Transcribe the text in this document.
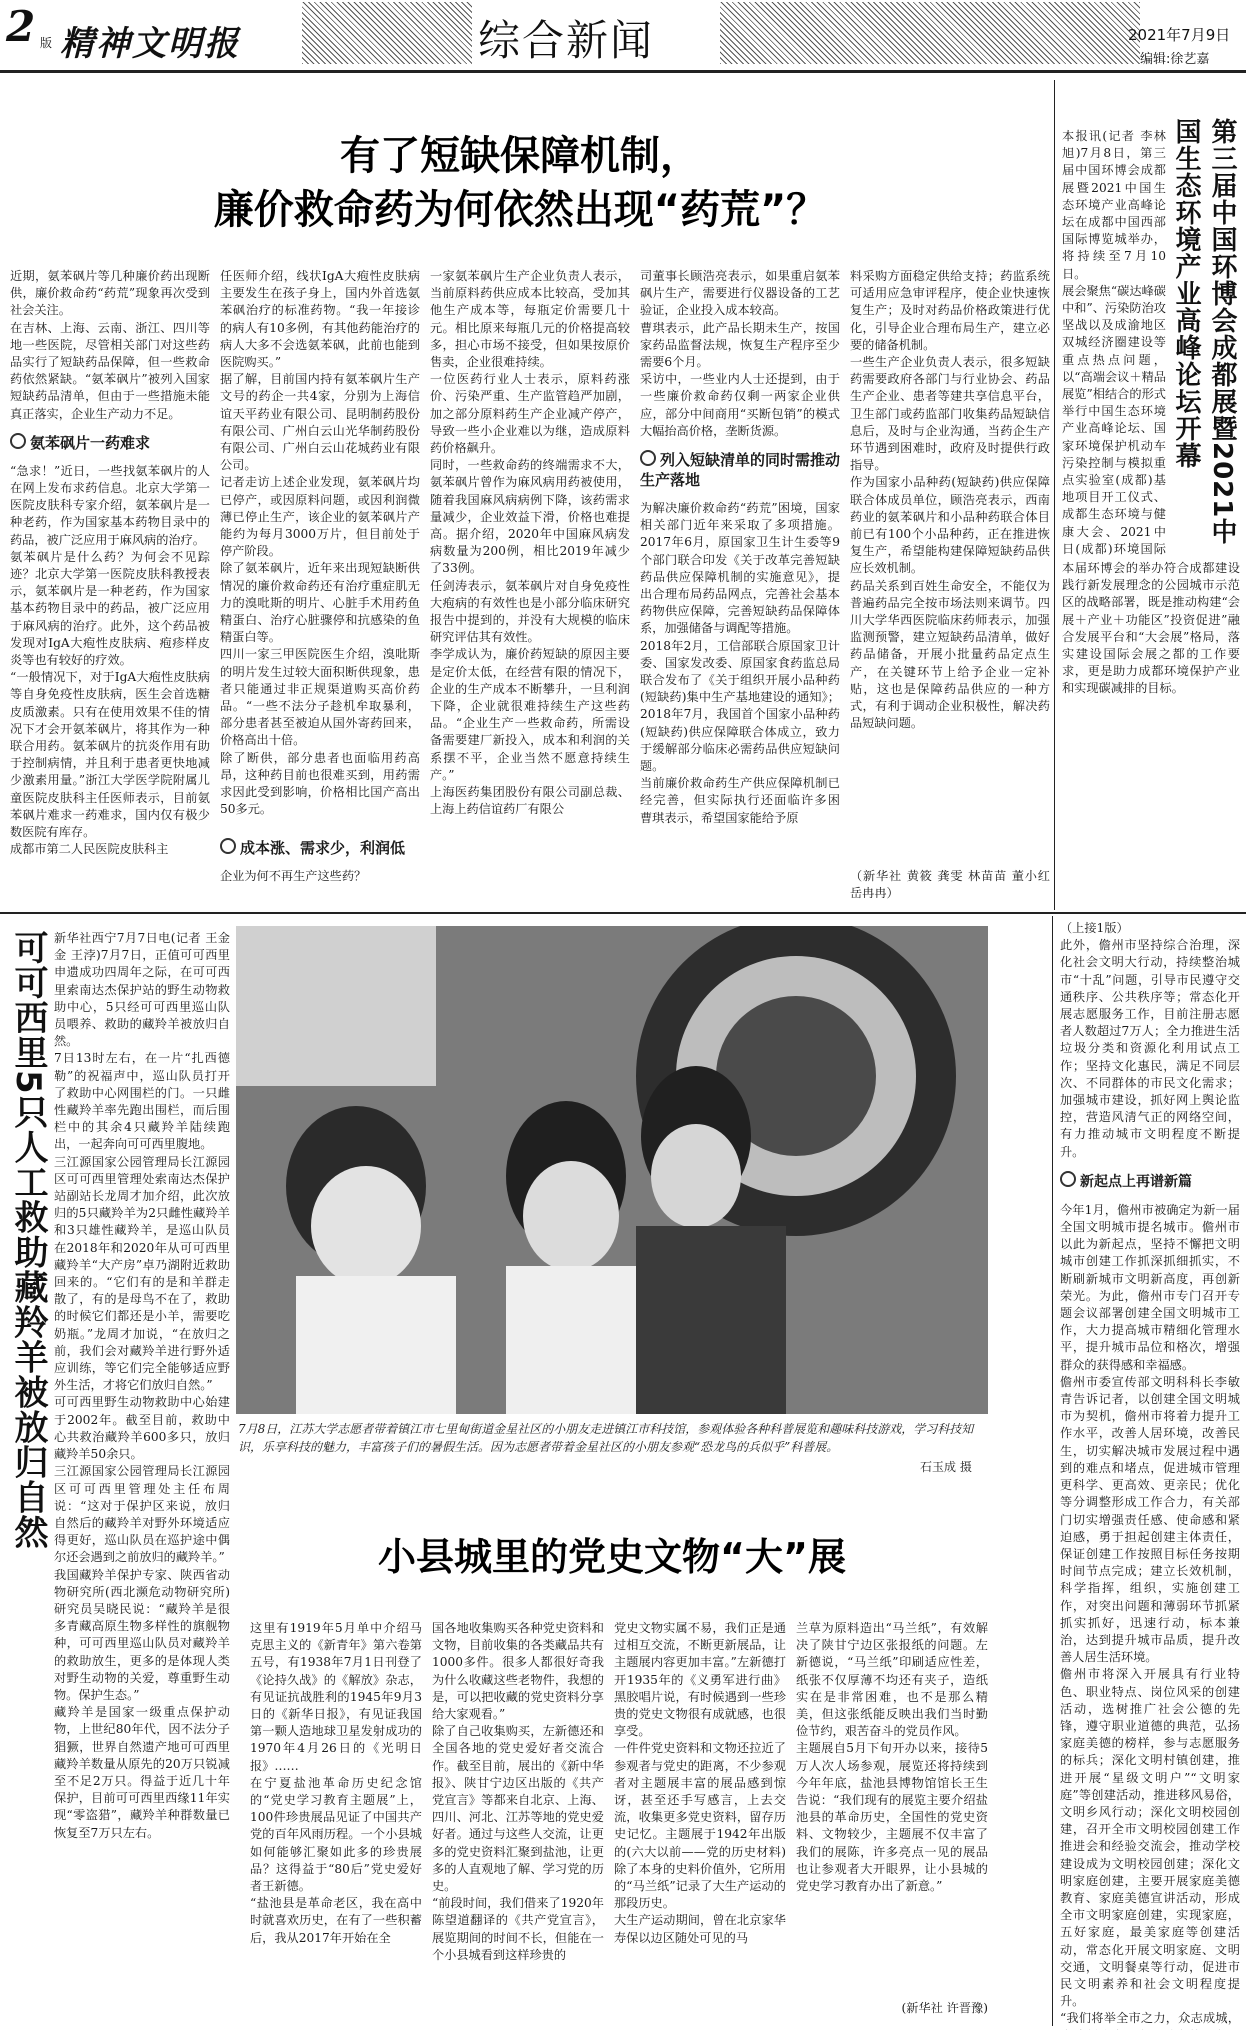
2 版 精神文明报	综合新闻	2021年7月9日
编辑:徐艺嘉
有了短缺保障机制，
廉价救命药为何依然出现“药荒”？
近期，氨苯砜片等几种廉价药出现断供，廉价救命药“药荒”现象再次受到社会关注。
在吉林、上海、云南、浙江、四川等地一些医院，尽管相关部门对这些药品实行了短缺药品保障，但一些救命药依然紧缺。“氨苯砜片”被列入国家短缺药品清单，但由于一些措施未能真正落实，企业生产动力不足。
氨苯砜片一药难求
“急求！”近日，一些找氨苯砜片的人在网上发布求药信息。北京大学第一医院皮肤科专家介绍，氨苯砜片是一种老药，作为国家基本药物目录中的药品，被广泛应用于麻风病的治疗。
氨苯砜片是什么药？为何会不见踪迹？北京大学第一医院皮肤科教授表示，氨苯砜片是一种老药，作为国家基本药物目录中的药品，被广泛应用于麻风病的治疗。此外，这个药品被发现对IgA大疱性皮肤病、疱疹样皮炎等也有较好的疗效。
“一般情况下，对于IgA大疱性皮肤病等自身免疫性皮肤病，医生会首选糖皮质激素。只有在使用效果不佳的情况下才会开氨苯砜片，将其作为一种联合用药。氨苯砜片的抗炎作用有助于控制病情，并且利于患者更快地减少激素用量。”浙江大学医学院附属儿童医院皮肤科主任医师表示，目前氨苯砜片难求一药难求，国内仅有极少数医院有库存。
成都市第二人民医院皮肤科主
任医师介绍，线状IgA大疱性皮肤病主要发生在孩子身上，国内外首选氨苯砜治疗的标准药物。“我一年接诊的病人有10多例，有其他药能治疗的病人大多不会选氨苯砜，此前也能到医院购买。”
据了解，目前国内持有氨苯砜片生产文号的药企一共4家，分别为上海信谊天平药业有限公司、昆明制药股份有限公司、广州白云山光华制药股份有限公司、广州白云山花城药业有限公司。
记者走访上述企业发现，氨苯砜片均已停产，或因原料问题，或因利润微薄已停止生产，该企业的氨苯砜片产能约为每月3000万片，但目前处于停产阶段。
除了氨苯砜片，近年来出现短缺断供情况的廉价救命药还有治疗重症肌无力的溴吡斯的明片、心脏手术用药鱼精蛋白、治疗心脏骤停和抗感染的鱼精蛋白等。
四川一家三甲医院医生介绍，溴吡斯的明片发生过较大面积断供现象，患者只能通过非正规渠道购买高价药品。“一些不法分子趁机牟取暴利，部分患者甚至被迫从国外寄药回来，价格高出十倍。
除了断供，部分患者也面临用药高昂，这种药目前也很难买到，用药需求因此受到影响，价格相比国产高出50多元。
成本涨、需求少，利润低
企业为何不再生产这些药？
一家氨苯砜片生产企业负责人表示，当前原料药供应成本比较高，受加其他生产成本等，每瓶定价需要几十元。相比原来每瓶几元的价格提高较多，担心市场不接受，但如果按原价售卖，企业很难持续。
一位医药行业人士表示，原料药涨价、污染严重、生产监管趋严加剧，加之部分原料药生产企业减产停产，导致一些小企业难以为继，造成原料药价格飙升。
同时，一些救命药的终端需求不大，氨苯砜片曾作为麻风病用药被使用，随着我国麻风病病例下降，该药需求量减少，企业效益下滑，价格也难提高。据介绍，2020年中国麻风病发病数量为200例，相比2019年减少了33例。
任剑涛表示，氨苯砜片对自身免疫性大疱病的有效性也是小部分临床研究报告中提到的，并没有大规模的临床研究评估其有效性。
李学成认为，廉价药短缺的原因主要是定价太低，在经营有限的情况下，企业的生产成本不断攀升，一旦利润下降，企业就很难持续生产这些药品。“企业生产一些救命药，所需设备需要建厂新投入，成本和利润的关系摆不平，企业当然不愿意持续生产。”
上海医药集团股份有限公司副总裁、上海上药信谊药厂有限公
司董事长顾浩亮表示，如果重启氨苯砜片生产，需要进行仪器设备的工艺验证，企业投入成本较高。
曹琪表示，此产品长期未生产，按国家药品监督法规，恢复生产程序至少需要6个月。
采访中，一些业内人士还提到，由于一些廉价救命药仅剩一两家企业供应，部分中间商用“买断包销”的模式大幅抬高价格，垄断货源。
列入短缺清单的同时需推动生产落地
为解决廉价救命药“药荒”困境，国家相关部门近年来采取了多项措施。2017年6月，原国家卫生计生委等9个部门联合印发《关于改革完善短缺药品供应保障机制的实施意见》，提出合理布局药品网点，完善社会基本药物供应保障，完善短缺药品保障体系，加强储备与调配等措施。
2018年2月，工信部联合原国家卫计委、国家发改委、原国家食药监总局联合发布了《关于组织开展小品种药(短缺药)集中生产基地建设的通知》；2018年7月，我国首个国家小品种药(短缺药)供应保障联合体成立，致力于缓解部分临床必需药品供应短缺问题。
当前廉价救命药生产供应保障机制已经完善，但实际执行还面临许多困
曹琪表示，希望国家能给予原
料采购方面稳定供给支持；药监系统可适用应急审评程序，使企业快速恢复生产；及时对药品价格政策进行优化，引导企业合理布局生产，建立必要的储备机制。
一些生产企业负责人表示，很多短缺药需要政府各部门与行业协会、药品生产企业、患者等建共享信息平台，卫生部门或药监部门收集药品短缺信息后，及时与企业沟通，当药企生产环节遇到困难时，政府及时提供行政指导。
作为国家小品种药(短缺药)供应保障联合体成员单位，顾浩亮表示，西南药业的氨苯砜片和小品种药联合体目前已有100个小品种药，正在推进恢复生产，希望能构建保障短缺药品供应长效机制。
药品关系到百姓生命安全，不能仅为普遍药品完全按市场法则来调节。四川大学华西医院临床药师表示，加强监测预警，建立短缺药品清单，做好药品储备，开展小批量药品定点生产，在关键环节上给予企业一定补贴，这也是保障药品供应的一种方式，有利于调动企业积极性，解决药品短缺问题。

（新华社 黄筱 龚雯 林苗苗 董小红 岳冉冉）
第三届中国环博会成都展暨2021中国生态环境产业高峰论坛开幕
本报讯(记者 李林旭)7月8日，第三届中国环博会成都展暨2021中国生态环境产业高峰论坛在成都中国西部国际博览城举办，将持续至7月10日。
展会聚焦“碳达峰碳中和”、污染防治攻坚战以及成渝地区双城经济圈建设等重点热点问题，以“高端会议＋精品展览”相结合的形式举行中国生态环境产业高峰论坛、国家环境保护机动车污染控制与模拟重点实验室(成都)基地项目开工仪式、成都生态环境与健康大会、2021中日(成都)环境国际

本届环博会的举办符合成都建设践行新发展理念的公园城市示范区的战略部署，既是推动构建“会展＋产业＋功能区”投资促进”融合发展平台和“大会展”格局，落实建设国际会展之都的工作要求，更是助力成都环境保护产业和实现碳减排的目标。
可可西里5只人工救助藏羚羊被放归自然 新华社西宁7月7日电(记者 王金金 王浡)7月7日，正值可可西里申遗成功四周年之际，在可可西里索南达杰保护站的野生动物救助中心，5只经可可西里巡山队员喂养、救助的藏羚羊被放归自然。
7日13时左右，在一片“扎西德勒”的祝福声中，巡山队员打开了救助中心网围栏的门。一只雌性藏羚羊率先跑出围栏，而后围栏中的其余4只藏羚羊陆续跑出，一起奔向可可西里腹地。
三江源国家公园管理局长江源园区可可西里管理处索南达杰保护站副站长龙周才加介绍，此次放归的5只藏羚羊为2只雌性藏羚羊和3只雄性藏羚羊，是巡山队员在2018年和2020年从可可西里藏羚羊“大产房”卓乃湖附近救助回来的。“它们有的是和羊群走散了，有的是母鸟不在了，救助的时候它们都还是小羊，需要吃奶瓶。”龙周才加说，“在放归之前，我们会对藏羚羊进行野外适应训练，等它们完全能够适应野外生活，才将它们放归自然。”
可可西里野生动物救助中心始建于2002年。截至目前，救助中心共救治藏羚羊600多只，放归藏羚羊50余只。
三江源国家公园管理局长江源园区可可西里管理处主任布周说：“这对于保护区来说，放归自然后的藏羚羊对野外环境适应得更好，巡山队员在巡护途中偶尔还会遇到之前放归的藏羚羊。”
我国藏羚羊保护专家、陕西省动物研究所(西北濒危动物研究所)研究员吴晓民说：“藏羚羊是很多青藏高原生物多样性的旗舰物种，可可西里巡山队员对藏羚羊的救助放生，更多的是体现人类对野生动物的关爱，尊重野生动物。保护生态。”
藏羚羊是国家一级重点保护动物，上世纪80年代，因不法分子猖獗，世界自然遗产地可可西里藏羚羊数量从原先的20万只锐减至不足2万只。得益于近几十年保护，目前可可西里西缘11年实现“零盗猎”，藏羚羊种群数量已恢复至7万只左右。
7月8日，江苏大学志愿者带着镇江市七里甸街道金星社区的小朋友走进镇江市科技馆，参观体验各种科普展览和趣味科技游戏，学习科技知识，乐享科技的魅力，丰富孩子们的暑假生活。因为志愿者带着金星社区的小朋友参观“恐龙鸟的兵似乎”科普展。
石玉成 摄
小县城里的党史文物“大”展
这里有1919年5月单中介绍马克思主义的《新青年》第六卷第五号，有1938年7月1日刊登了《论持久战》的《解放》杂志，有见证抗战胜利的1945年9月3日的《新华日报》，有见证我国第一颗人造地球卫星发射成功的1970年4月26日的《光明日报》……
在宁夏盐池革命历史纪念馆的“党史学习教育主题展”上，100件珍贵展品见证了中国共产党的百年风雨历程。一个小县城如何能够汇聚如此多的珍贵展品？这得益于“80后”党史爱好者王新德。
“盐池县是革命老区，我在高中时就喜欢历史，在有了一些积蓄后，我从2017年开始在全
国各地收集购买各种党史资料和文物，目前收集的各类藏品共有1000多件。很多人都很好奇我为什么收藏这些老物件，我想的是，可以把收藏的党史资料分享给大家观看。”
除了自己收集购买，左新德还和全国各地的党史爱好者交流合作。截至目前，展出的《新中华报》、陕甘宁边区出版的《共产党宣言》等都来自北京、上海、四川、河北、江苏等地的党史爱好者。通过与这些人交流，让更多的党史资料汇聚到盐池，让更多的人直观地了解、学习党的历史。
“前段时间，我们借来了1920年陈望道翻译的《共产党宣言》，展览期间的时间不长，但能在一个小县城看到这样珍贵的
党史文物实属不易，我们正是通过相互交流，不断更新展品，让主题展内容更加丰富。”左新德打开1935年的《义勇军进行曲》黑胶唱片说，有时候遇到一些珍贵的党史文物很有成就感，也很享受。
一件件党史资料和文物还拉近了参观者与党史的距离，不少参观者对主题展丰富的展品感到惊讶，甚至还手写感言，上去交流，收集更多党史资料，留存历史记忆。主题展于1942年出版的(六大以前——党的历史材料)除了本身的史料价值外，它所用的“马兰纸”记录了大生产运动的那段历史。
大生产运动期间，曾在北京家华寿保以边区随处可见的马
兰草为原料造出“马兰纸”，有效解决了陕甘宁边区张报纸的问题。左新德说，“马兰纸”印刷适应性差，纸张不仅厚薄不均还有夹子，造纸实在是非常困难，也不是那么精美，但这张纸能反映出我们当时勤俭节约，艰苦奋斗的党员作风。
主题展自5月下旬开办以来，接待5万人次人场参观，展览还将持续到今年年底，盐池县博物馆馆长王生告说：“我们现有的展览主要介绍盐池县的革命历史，全国性的党史资料、文物较少，主题展不仅丰富了我们的展陈，许多亮点一见的展品也让参观者大开眼界，让小县城的党史学习教育办出了新意。”
(新华社 许晋豫)
（上接1版）
此外，儋州市坚持综合治理，深化社会文明大行动，持续整治城市“十乱”问题，引导市民遵守交通秩序、公共秩序等；常态化开展志愿服务工作，目前注册志愿者人数超过7万人；全力推进生活垃圾分类和资源化利用试点工作；坚持文化惠民，满足不同层次、不同群体的市民文化需求；加强城市建设，抓好网上舆论监控，营造风清气正的网络空间，有力推动城市文明程度不断提升。
新起点上再谱新篇
今年1月，儋州市被确定为新一届全国文明城市提名城市。儋州市以此为新起点，坚持不懈把文明城市创建工作抓深抓细抓实，不断刷新城市文明新高度，再创新荣光。为此，儋州市专门召开专题会议部署创建全国文明城市工作，大力提高城市精细化管理水平，提升城市品位和格次，增强群众的获得感和幸福感。
儋州市委宣传部文明科科长李敏青告诉记者，以创建全国文明城市为契机，儋州市将着力提升工作水平，改善人居环境，改善民生，切实解决城市发展过程中遇到的难点和堵点，促进城市管理更科学、更高效、更亲民；优化等分调整形成工作合力，有关部门切实增强责任感、使命感和紧迫感，勇于担起创建主体责任，保证创建工作按照目标任务按期时间节点完成；建立长效机制，科学指挥，组织，实施创建工作，对突出问题和薄弱环节抓紧抓实抓好，迅速行动，标本兼治，达到提升城市品质，提升改善人居生活环境。
儋州市将深入开展具有行业特色、职业特点、岗位风采的创建活动，选树推广社会公德的先锋，遵守职业道德的典范，弘扬家庭美德的榜样，参与志愿服务的标兵；深化文明村镇创建，推进开展“星级文明户”“文明家庭”等创建活动，推进移风易俗，文明乡风行动；深化文明校园创建，召开全市文明校园创建工作推进会和经验交流会，推动学校建设成为文明校园创建；深化文明家庭创建，主要开展家庭美德教育、家庭美德宣讲活动，形成全市文明家庭创建，实现家庭，五好家庭，最美家庭等创建活动，常态化开展文明家庭、文明交通，文明餐桌等行动，促进市民文明素养和社会文明程度提升。
“我们将举全市之力，众志成城，
